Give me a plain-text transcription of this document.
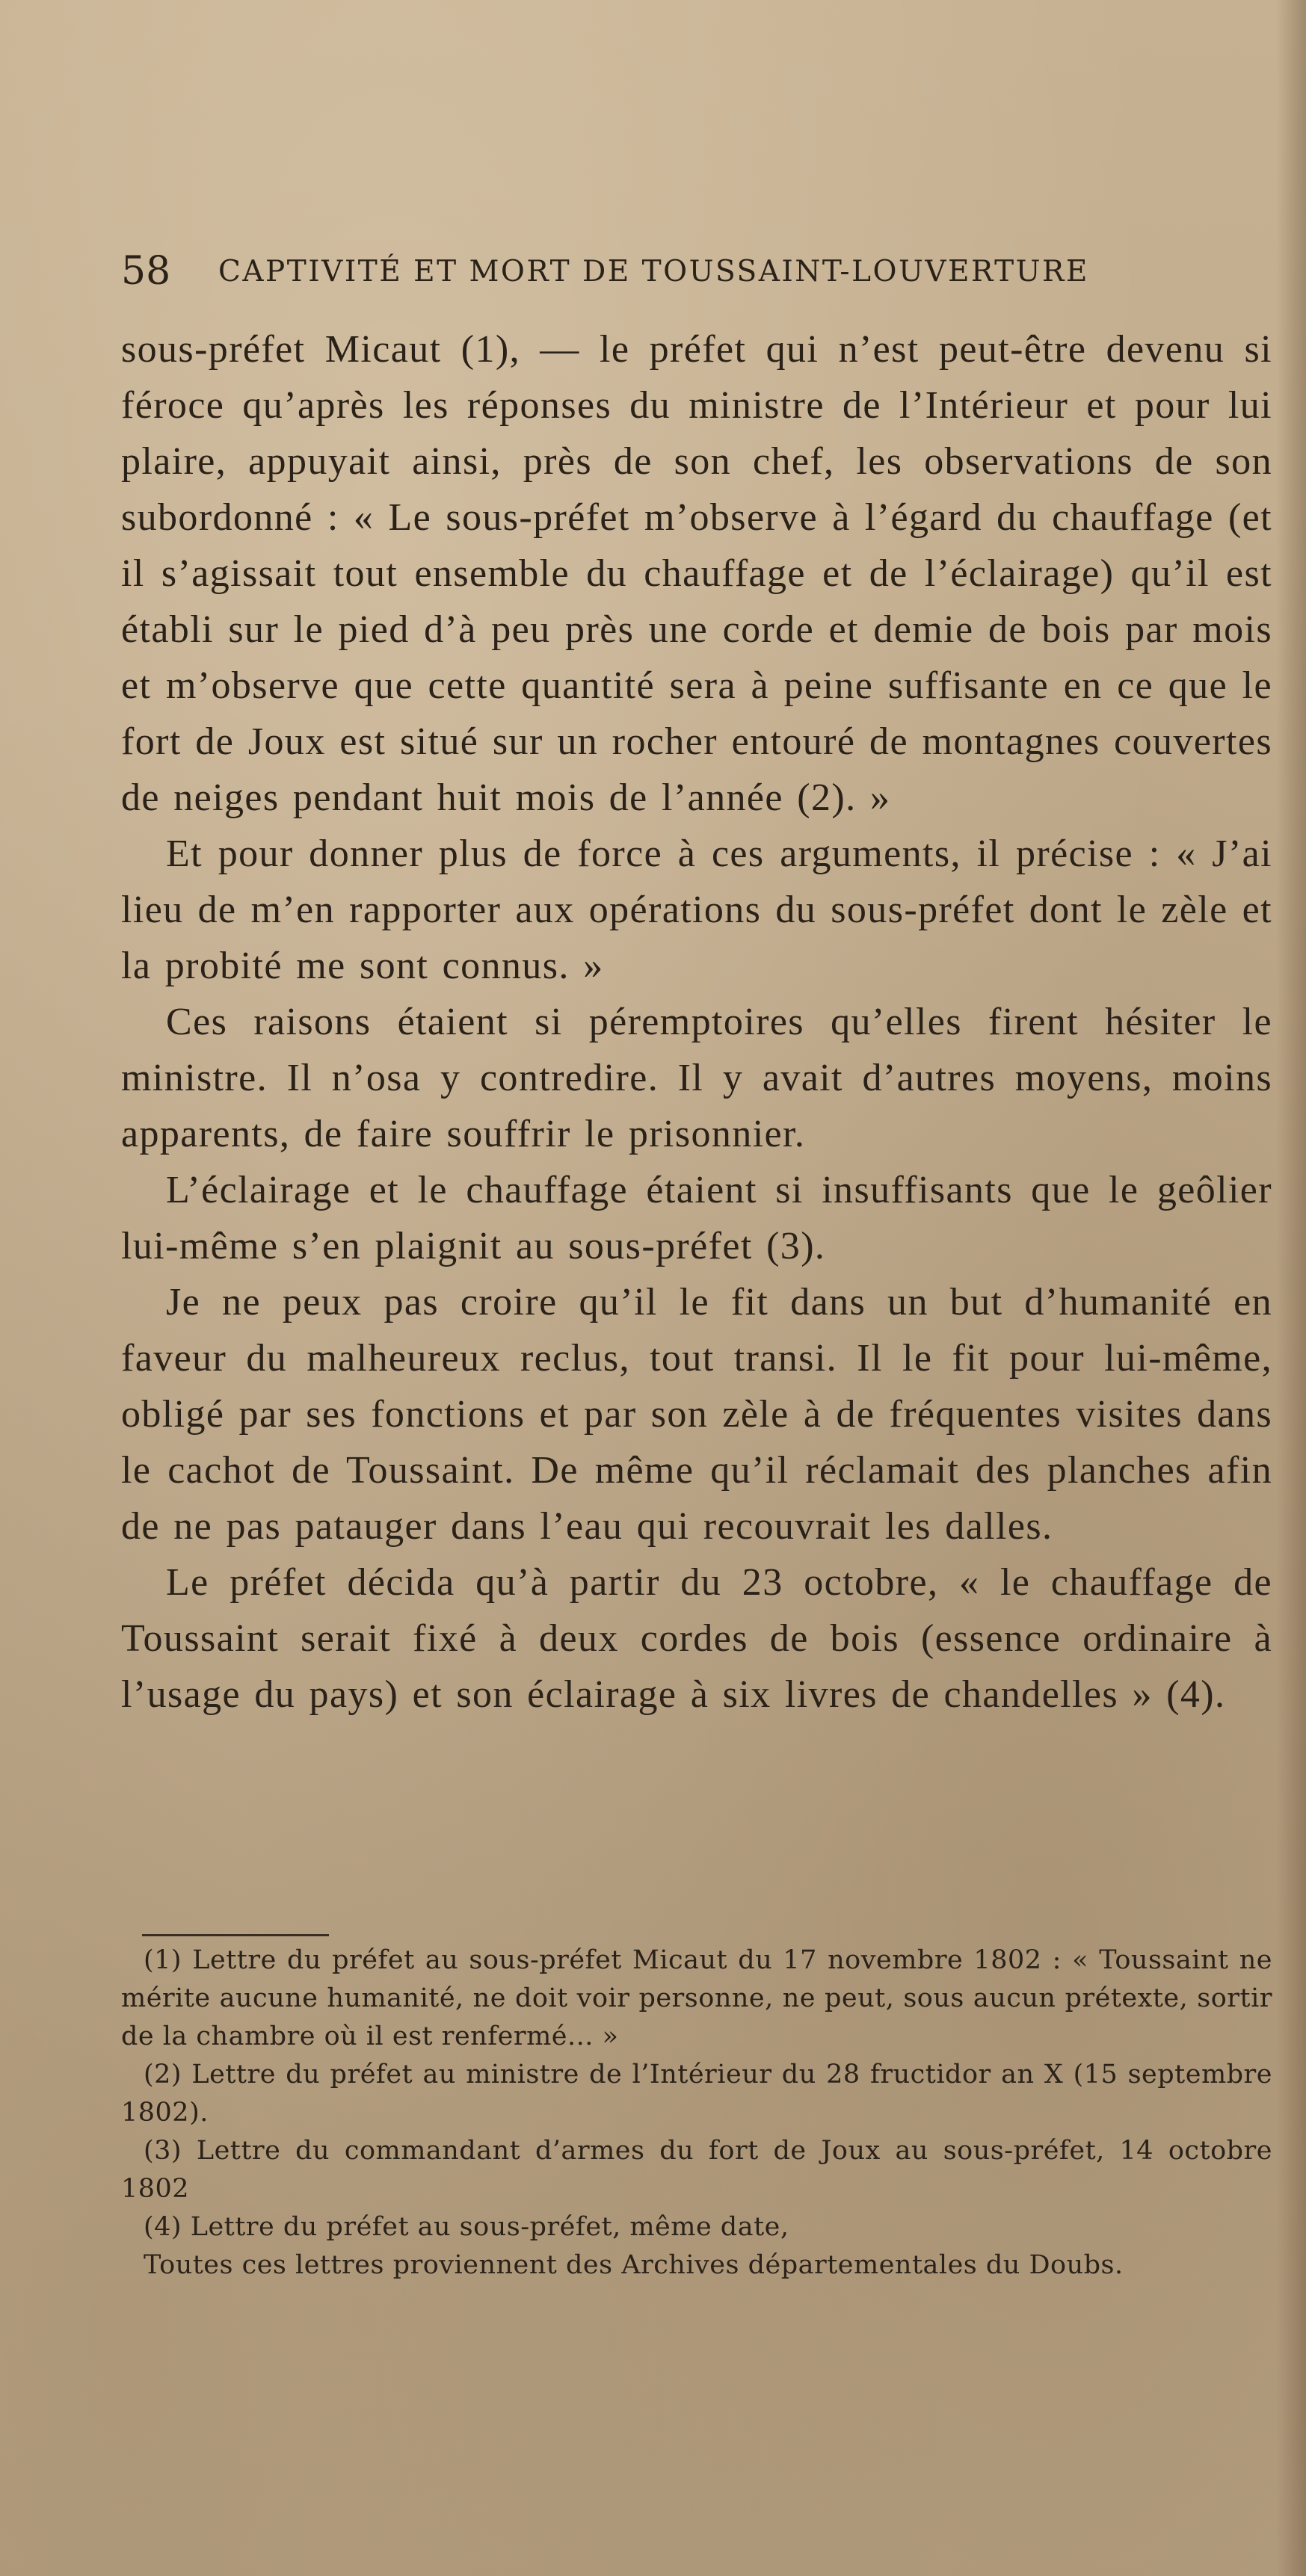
58 CAPTIVITÉ ET MORT DE TOUSSAINT-LOUVERTURE

sous-préfet Micaut (1), — le préfet qui n’est peut-être devenu si féroce qu’après les réponses du ministre de l’Intérieur et pour lui plaire, appuyait ainsi, près de son chef, les observations de son subordonné : « Le sous-préfet m’observe à l’égard du chauffage (et il s’agissait tout ensemble du chauffage et de l’éclairage) qu’il est établi sur le pied d’à peu près une corde et demie de bois par mois et m’observe que cette quantité sera à peine suffisante en ce que le fort de Joux est situé sur un rocher entouré de montagnes couvertes de neiges pendant huit mois de l’année (2). »

Et pour donner plus de force à ces arguments, il précise : « J’ai lieu de m’en rapporter aux opérations du sous-préfet dont le zèle et la probité me sont connus. »

Ces raisons étaient si péremptoires qu’elles firent hésiter le ministre. Il n’osa y contredire. Il y avait d’autres moyens, moins apparents, de faire souffrir le prisonnier.

L’éclairage et le chauffage étaient si insuffisants que le geôlier lui-même s’en plaignit au sous-préfet (3).

Je ne peux pas croire qu’il le fit dans un but d’humanité en faveur du malheureux reclus, tout transi. Il le fit pour lui-même, obligé par ses fonctions et par son zèle à de fréquentes visites dans le cachot de Toussaint. De même qu’il réclamait des planches afin de ne pas patauger dans l’eau qui recouvrait les dalles.

Le préfet décida qu’à partir du 23 octobre, « le chauffage de Toussaint serait fixé à deux cordes de bois (essence ordinaire à l’usage du pays) et son éclairage à six livres de chandelles » (4).

(1) Lettre du préfet au sous-préfet Micaut du 17 novembre 1802 : « Toussaint ne mérite aucune humanité, ne doit voir personne, ne peut, sous aucun prétexte, sortir de la chambre où il est renfermé... »

(2) Lettre du préfet au ministre de l’Intérieur du 28 fructidor an X (15 septembre 1802).

(3) Lettre du commandant d’armes du fort de Joux au sous-préfet, 14 octobre 1802

(4) Lettre du préfet au sous-préfet, même date,

Toutes ces lettres proviennent des Archives départementales du Doubs.
